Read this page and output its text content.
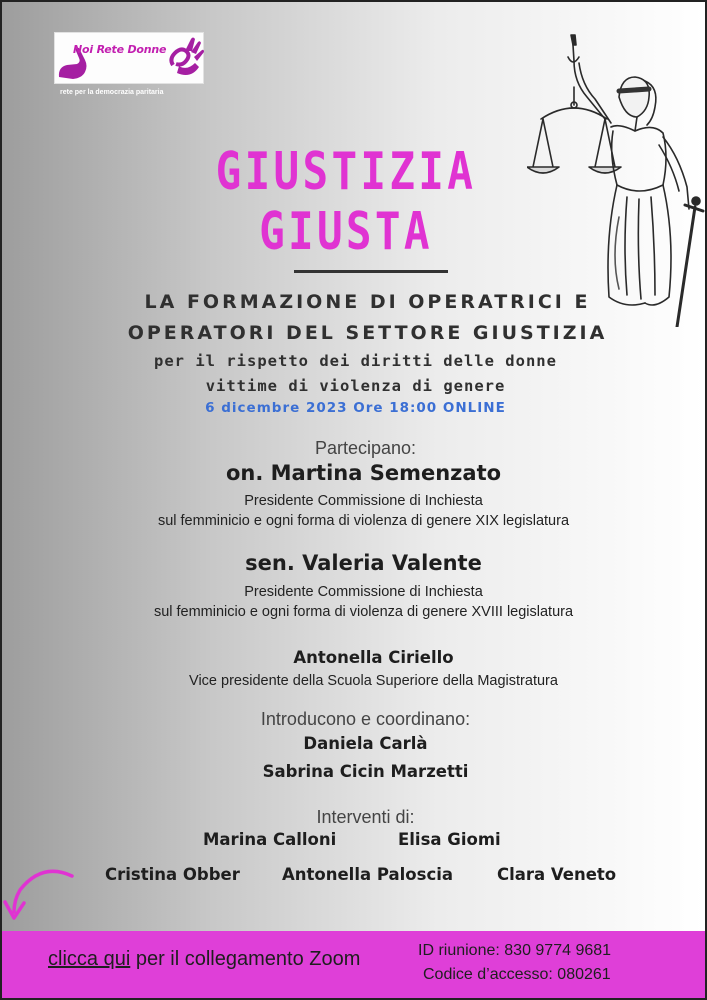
Noi Rete Donne
rete per la democrazia paritaria
GIUSTIZIA
GIUSTA
LA FORMAZIONE DI OPERATRICI E
OPERATORI DEL SETTORE GIUSTIZIA
per il rispetto dei diritti delle donne
vittime di violenza di genere
6 dicembre 2023 Ore 18:00 ONLINE
Partecipano:
on. Martina Semenzato
Presidente Commissione di Inchiesta
sul femminicio e ogni forma di violenza di genere XIX legislatura
sen. Valeria Valente
Presidente Commissione di Inchiesta
sul femminicio e ogni forma di violenza di genere XVIII legislatura
Antonella Ciriello
Vice presidente della Scuola Superiore della Magistratura
Introducono e coordinano:
Daniela Carlà
Sabrina Cicin Marzetti
Interventi di:
Marina Calloni	Elisa Giomi
Cristina Obber	Antonella Paloscia	Clara Veneto
clicca qui per il collegamento Zoom	ID riunione: 830 9774 9681
Codice d’accesso: 080261
